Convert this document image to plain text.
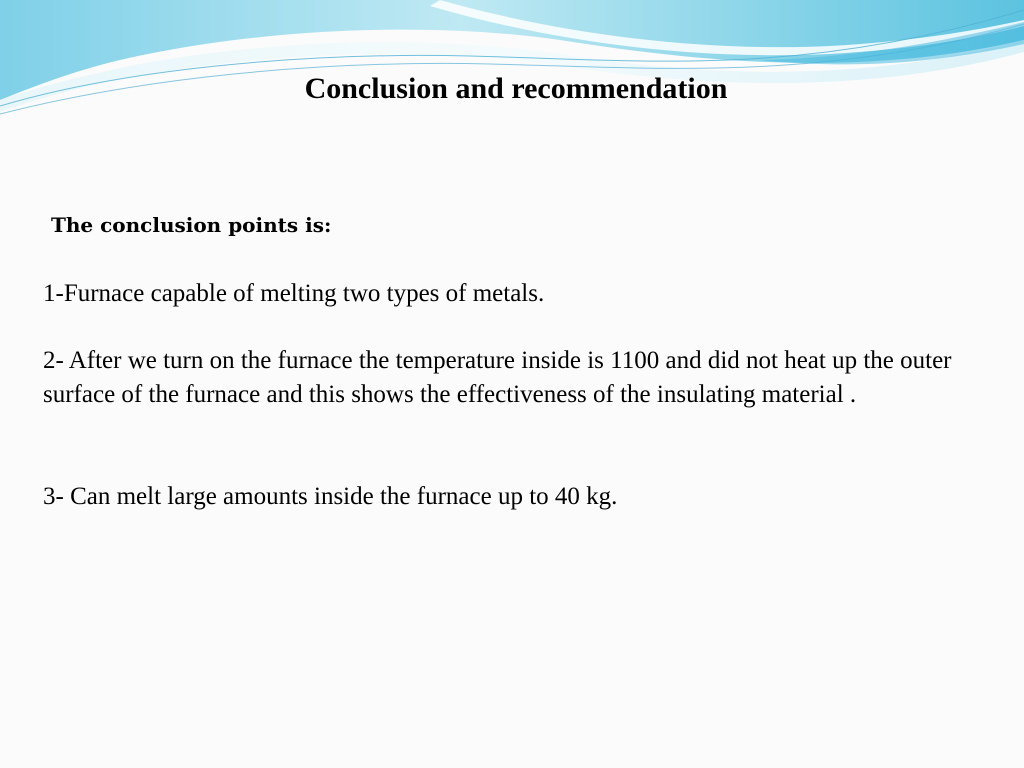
Conclusion and recommendation
The conclusion points is:
1-Furnace capable of melting two types of metals.
2- After we turn on the furnace the temperature inside is 1100 and did not heat up the outer surface of the furnace and this shows the effectiveness of the insulating material .
3- Can melt large amounts inside the furnace up to 40 kg.
